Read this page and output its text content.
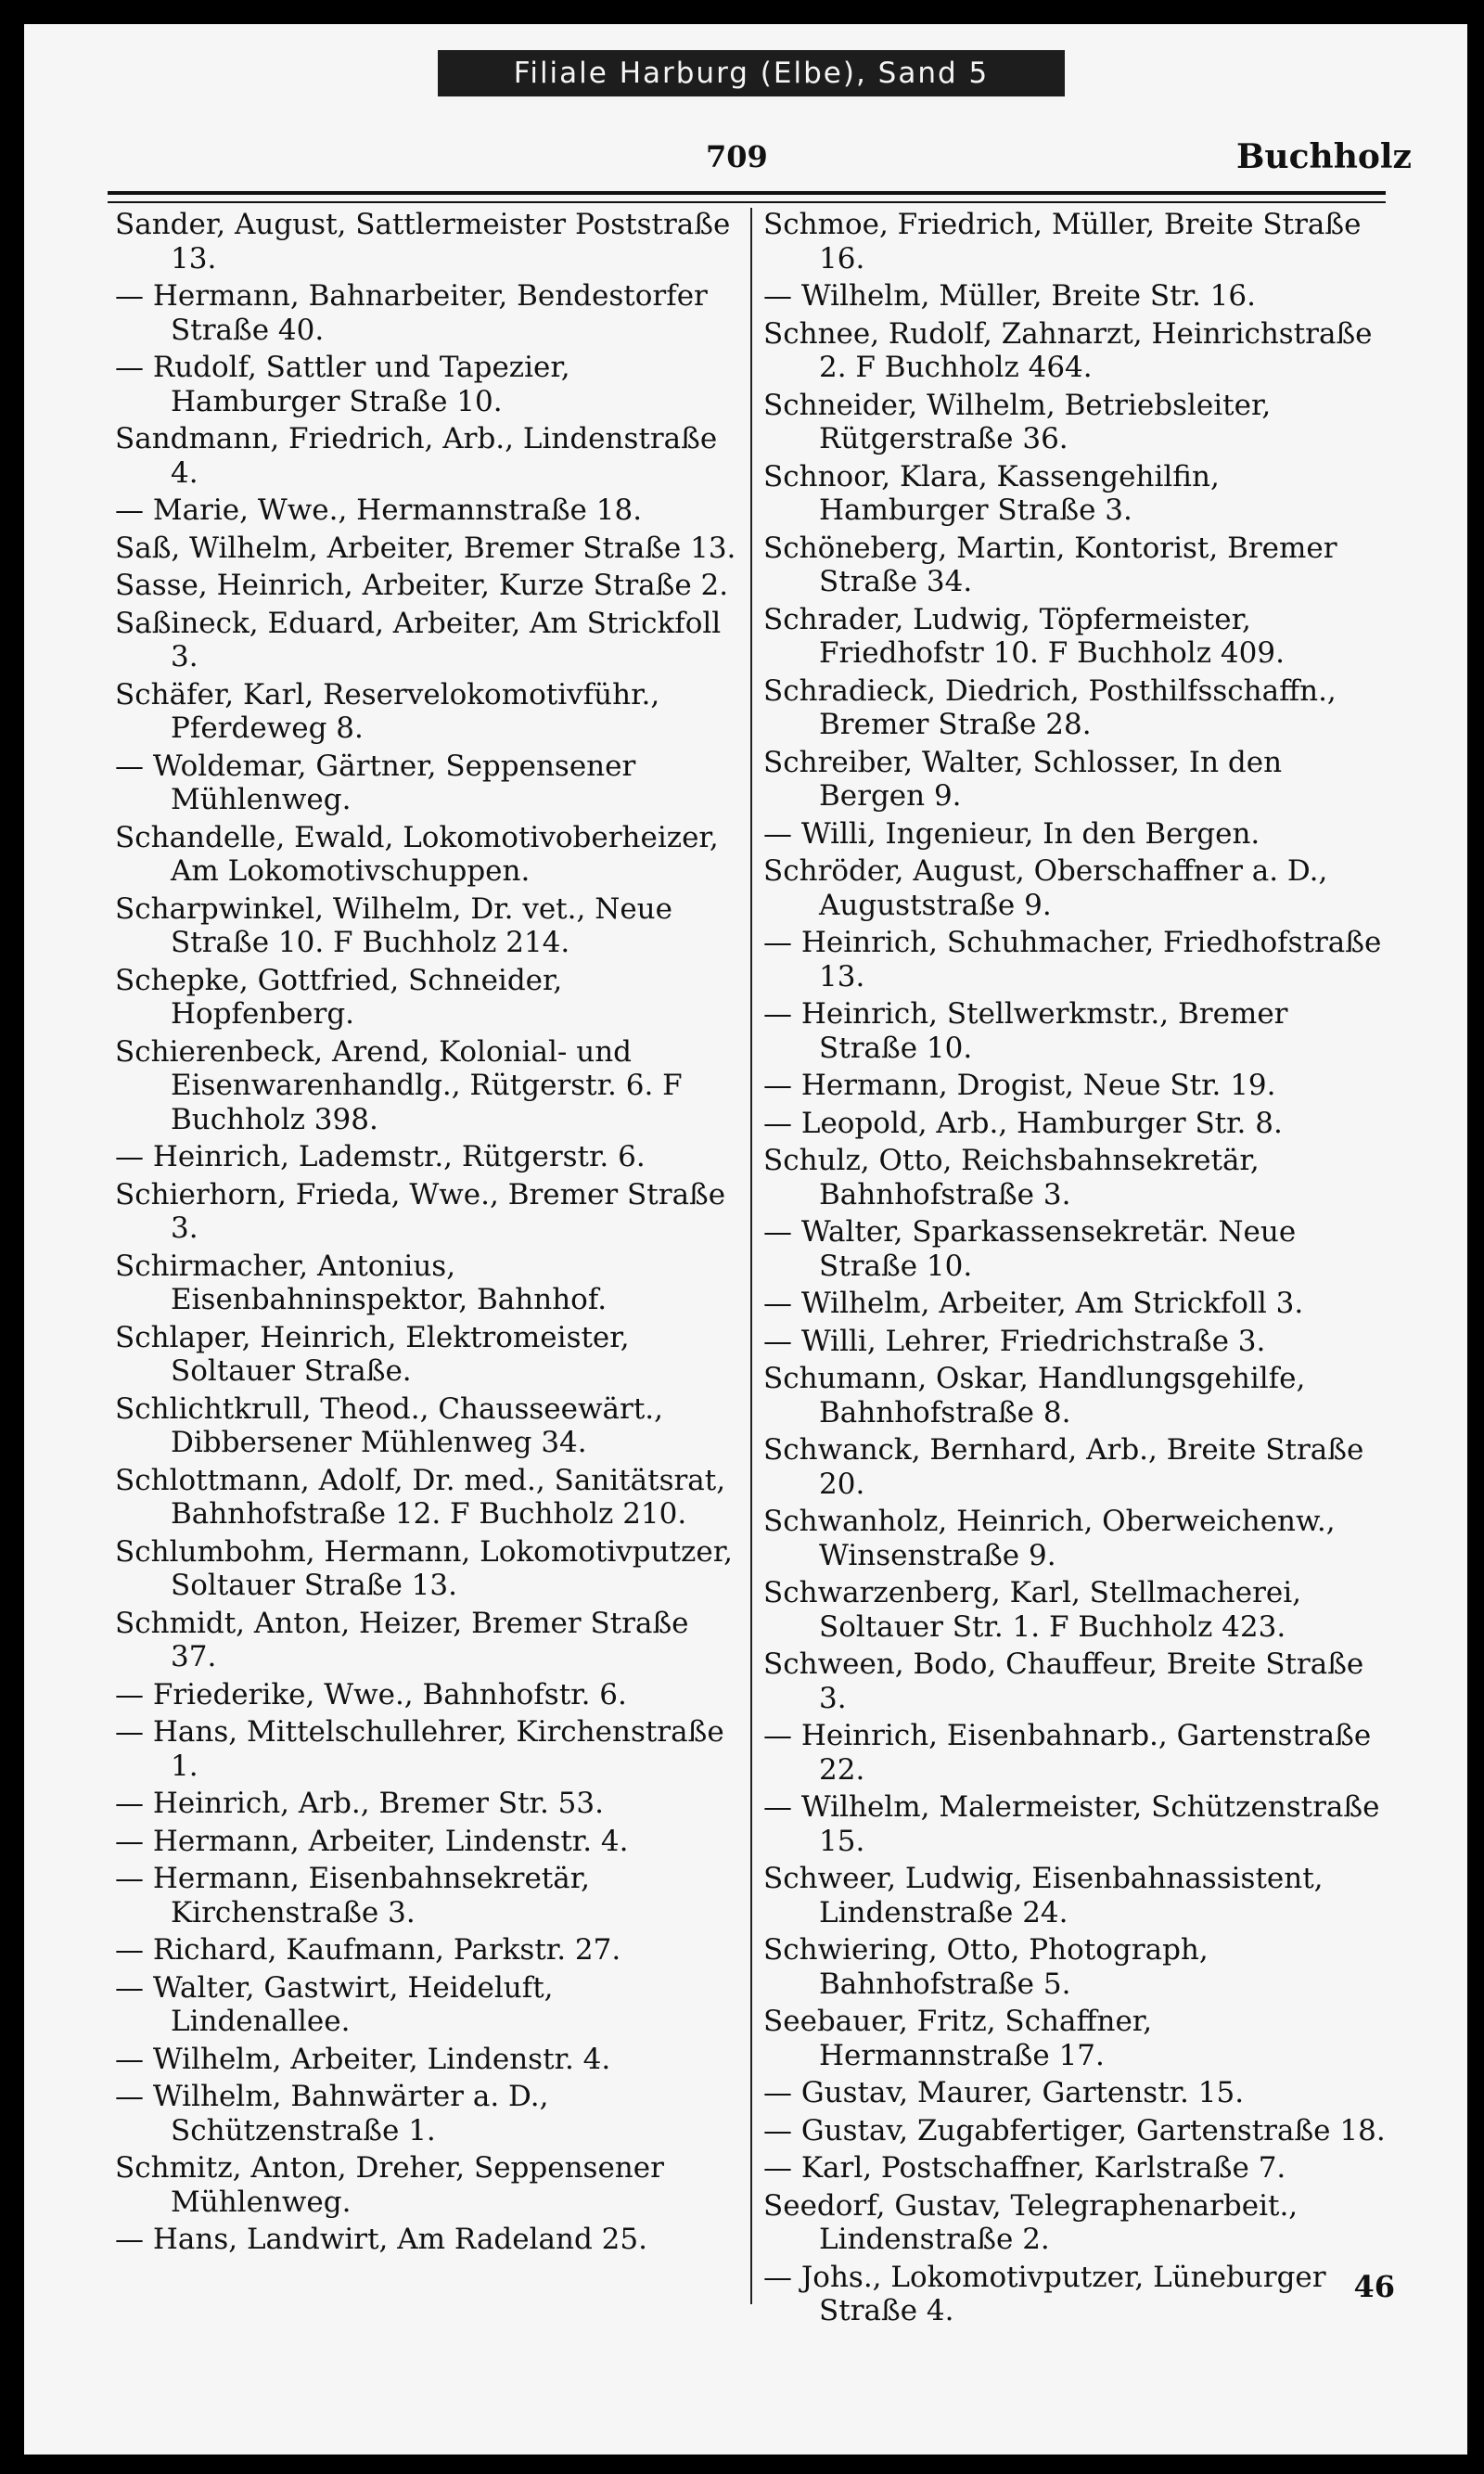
Filiale Harburg (Elbe), Sand 5
709	Buchholz
Sander, August, Sattlermeister Poststraße 13.
— Hermann, Bahnarbeiter, Bendestorfer Straße 40.
— Rudolf, Sattler und Tapezier, Hamburger Straße 10.
Sandmann, Friedrich, Arb., Lindenstraße 4.
— Marie, Wwe., Hermannstraße 18.
Saß, Wilhelm, Arbeiter, Bremer Straße 13.
Sasse, Heinrich, Arbeiter, Kurze Straße 2.
Saßineck, Eduard, Arbeiter, Am Strickfoll 3.
Schäfer, Karl, Reservelokomotivführ., Pferdeweg 8.
— Woldemar, Gärtner, Seppensener Mühlenweg.
Schandelle, Ewald, Lokomotivoberheizer, Am Lokomotivschuppen.
Scharpwinkel, Wilhelm, Dr. vet., Neue Straße 10. F Buchholz 214.
Schepke, Gottfried, Schneider, Hopfenberg.
Schierenbeck, Arend, Kolonial- und Eisenwarenhandlg., Rütgerstr. 6. F Buchholz 398.
— Heinrich, Lademstr., Rütgerstr. 6.
Schierhorn, Frieda, Wwe., Bremer Straße 3.
Schirmacher, Antonius, Eisenbahninspektor, Bahnhof.
Schlaper, Heinrich, Elektromeister, Soltauer Straße.
Schlichtkrull, Theod., Chausseewärt., Dibbersener Mühlenweg 34.
Schlottmann, Adolf, Dr. med., Sanitätsrat, Bahnhofstraße 12. F Buchholz 210.
Schlumbohm, Hermann, Lokomotivputzer, Soltauer Straße 13.
Schmidt, Anton, Heizer, Bremer Straße 37.
— Friederike, Wwe., Bahnhofstr. 6.
— Hans, Mittelschullehrer, Kirchenstraße 1.
— Heinrich, Arb., Bremer Str. 53.
— Hermann, Arbeiter, Lindenstr. 4.
— Hermann, Eisenbahnsekretär, Kirchenstraße 3.
— Richard, Kaufmann, Parkstr. 27.
— Walter, Gastwirt, Heideluft, Lindenallee.
— Wilhelm, Arbeiter, Lindenstr. 4.
— Wilhelm, Bahnwärter a. D., Schützenstraße 1.
Schmitz, Anton, Dreher, Seppensener Mühlenweg.
— Hans, Landwirt, Am Radeland 25.
Schmoe, Friedrich, Müller, Breite Straße 16.
— Wilhelm, Müller, Breite Str. 16.
Schnee, Rudolf, Zahnarzt, Heinrichstraße 2. F Buchholz 464.
Schneider, Wilhelm, Betriebsleiter, Rütgerstraße 36.
Schnoor, Klara, Kassengehilfin, Hamburger Straße 3.
Schöneberg, Martin, Kontorist, Bremer Straße 34.
Schrader, Ludwig, Töpfermeister, Friedhofstr 10. F Buchholz 409.
Schradieck, Diedrich, Posthilfsschaffn., Bremer Straße 28.
Schreiber, Walter, Schlosser, In den Bergen 9.
— Willi, Ingenieur, In den Bergen.
Schröder, August, Oberschaffner a. D., Auguststraße 9.
— Heinrich, Schuhmacher, Friedhofstraße 13.
— Heinrich, Stellwerkmstr., Bremer Straße 10.
— Hermann, Drogist, Neue Str. 19.
— Leopold, Arb., Hamburger Str. 8.
Schulz, Otto, Reichsbahnsekretär, Bahnhofstraße 3.
— Walter, Sparkassensekretär. Neue Straße 10.
— Wilhelm, Arbeiter, Am Strickfoll 3.
— Willi, Lehrer, Friedrichstraße 3.
Schumann, Oskar, Handlungsgehilfe, Bahnhofstraße 8.
Schwanck, Bernhard, Arb., Breite Straße 20.
Schwanholz, Heinrich, Oberweichenw., Winsenstraße 9.
Schwarzenberg, Karl, Stellmacherei, Soltauer Str. 1. F Buchholz 423.
Schween, Bodo, Chauffeur, Breite Straße 3.
— Heinrich, Eisenbahnarb., Gartenstraße 22.
— Wilhelm, Malermeister, Schützenstraße 15.
Schweer, Ludwig, Eisenbahnassistent, Lindenstraße 24.
Schwiering, Otto, Photograph, Bahnhofstraße 5.
Seebauer, Fritz, Schaffner, Hermannstraße 17.
— Gustav, Maurer, Gartenstr. 15.
— Gustav, Zugabfertiger, Gartenstraße 18.
— Karl, Postschaffner, Karlstraße 7.
Seedorf, Gustav, Telegraphenarbeit., Lindenstraße 2.
— Johs., Lokomotivputzer, Lüneburger Straße 4.
46
